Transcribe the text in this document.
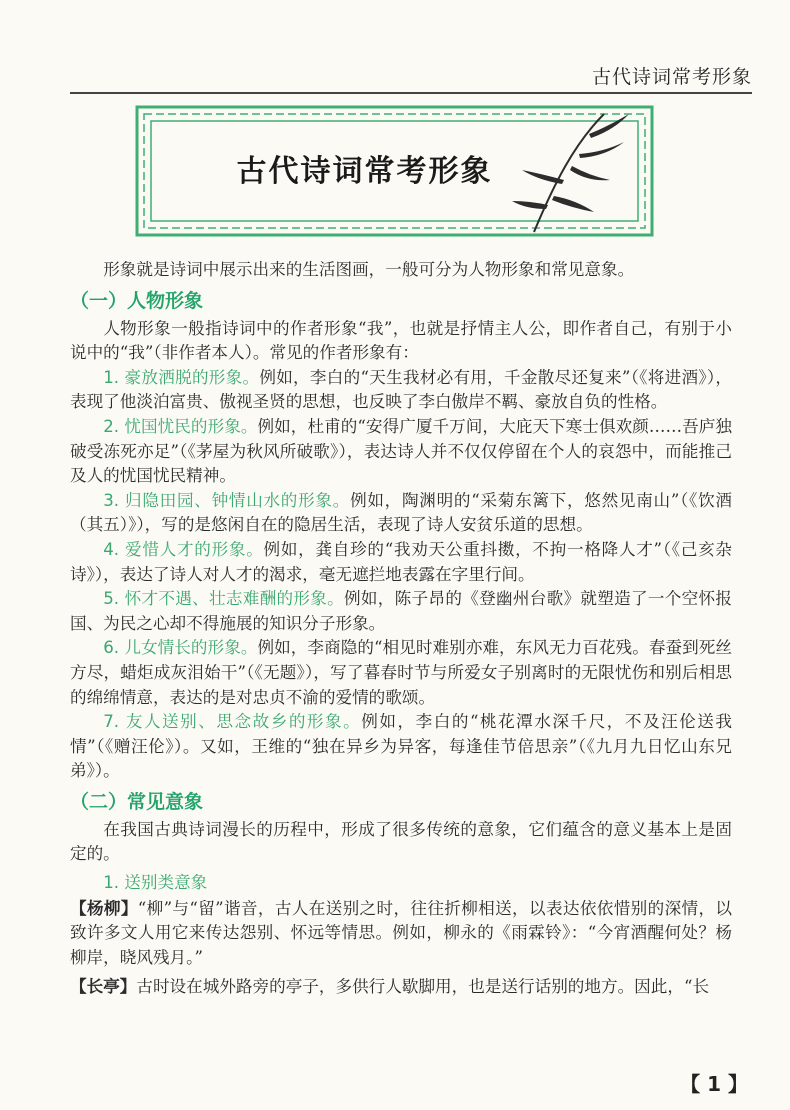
古代诗词常考形象
古代诗词常考形象

形象就是诗词中展示出来的生活图画，一般可分为人物形象和常见意象。

（一）人物形象

人物形象一般指诗词中的作者形象“我”，也就是抒情主人公，即作者自己，有别于小说中的“我”（非作者本人）。常见的作者形象有：

1. 豪放洒脱的形象。例如，李白的“天生我材必有用，千金散尽还复来”（《将进酒》），表现了他淡泊富贵、傲视圣贤的思想，也反映了李白傲岸不羁、豪放自负的性格。

2. 忧国忧民的形象。例如，杜甫的“安得广厦千万间，大庇天下寒士俱欢颜……吾庐独破受冻死亦足”（《茅屋为秋风所破歌》），表达诗人并不仅仅停留在个人的哀怨中，而能推己及人的忧国忧民精神。

3. 归隐田园、钟情山水的形象。例如，陶渊明的“采菊东篱下，悠然见南山”（《饮酒（其五）》），写的是悠闲自在的隐居生活，表现了诗人安贫乐道的思想。

4. 爱惜人才的形象。例如，龚自珍的“我劝天公重抖擞，不拘一格降人才”（《己亥杂诗》），表达了诗人对人才的渴求，毫无遮拦地表露在字里行间。

5. 怀才不遇、壮志难酬的形象。例如，陈子昂的《登幽州台歌》就塑造了一个空怀报国、为民之心却不得施展的知识分子形象。

6. 儿女情长的形象。例如，李商隐的“相见时难别亦难，东风无力百花残。春蚕到死丝方尽，蜡炬成灰泪始干”（《无题》），写了暮春时节与所爱女子别离时的无限忧伤和别后相思的绵绵情意，表达的是对忠贞不渝的爱情的歌颂。

7. 友人送别、思念故乡的形象。例如，李白的“桃花潭水深千尺，不及汪伦送我情”（《赠汪伦》）。又如，王维的“独在异乡为异客，每逢佳节倍思亲”（《九月九日忆山东兄弟》）。

（二）常见意象

在我国古典诗词漫长的历程中，形成了很多传统的意象，它们蕴含的意义基本上是固定的。

1. 送别类意象

【杨柳】“柳”与“留”谐音，古人在送别之时，往往折柳相送，以表达依依惜别的深情，以致许多文人用它来传达怨别、怀远等情思。例如，柳永的《雨霖铃》：“今宵酒醒何处？杨柳岸，晓风残月。”

【长亭】古时设在城外路旁的亭子，多供行人歇脚用，也是送行话别的地方。因此，“长

【 1 】
